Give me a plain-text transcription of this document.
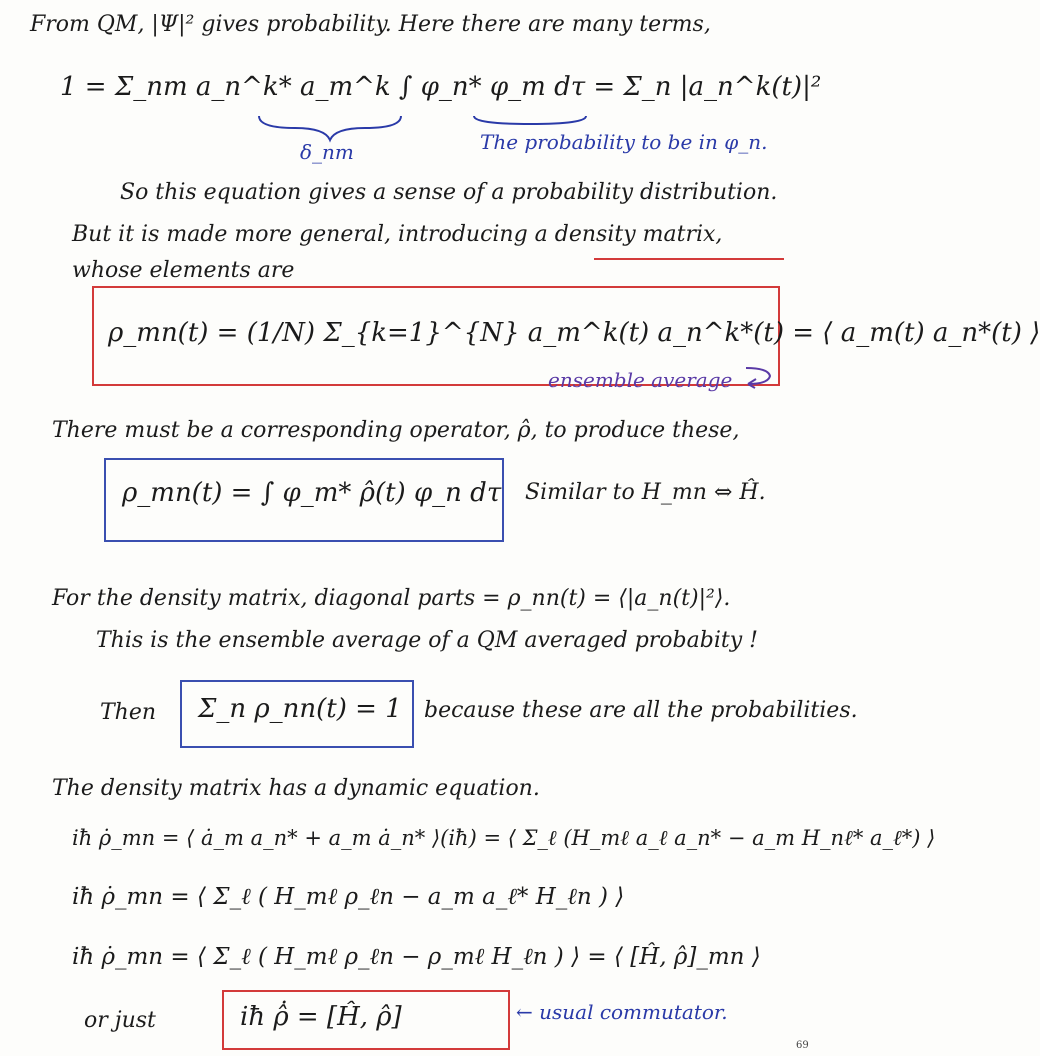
From QM, |Ψ|² gives probability. Here there are many terms,
1 = Σ_nm a_n^k* a_m^k ∫ φ_n* φ_m dτ = Σ_n |a_n^k(t)|²
δ_nm	The probability to be in φ_n.
So this equation gives a sense of a probability distribution.
But it is made more general, introducing a density matrix,
whose elements are
ρ_mn(t) = (1/N) Σ_{k=1}^{N} a_m^k(t) a_n^k*(t) = ⟨ a_m(t) a_n*(t) ⟩
ensemble average
There must be a corresponding operator, ρ̂, to produce these,
ρ_mn(t) = ∫ φ_m* ρ̂(t) φ_n dτ Similar to H_mn ⇔ Ĥ.
For the density matrix, diagonal parts = ρ_nn(t) = ⟨|a_n(t)|²⟩.
This is the ensemble average of a QM averaged probabity !
Then Σ_n ρ_nn(t) = 1 because these are all the probabilities.
The density matrix has a dynamic equation.
iħ ρ̇_mn = ⟨ ȧ_m a_n* + a_m ȧ_n* ⟩(iħ) = ⟨ Σ_ℓ (H_mℓ a_ℓ a_n* − a_m H_nℓ* a_ℓ*) ⟩
iħ ρ̇_mn = ⟨ Σ_ℓ ( H_mℓ ρ_ℓn − a_m a_ℓ* H_ℓn ) ⟩
iħ ρ̇_mn = ⟨ Σ_ℓ ( H_mℓ ρ_ℓn − ρ_mℓ H_ℓn ) ⟩ = ⟨ [Ĥ, ρ̂]_mn ⟩
or just	iħ ρ̂̇ = [Ĥ, ρ̂]	← usual commutator.
69
